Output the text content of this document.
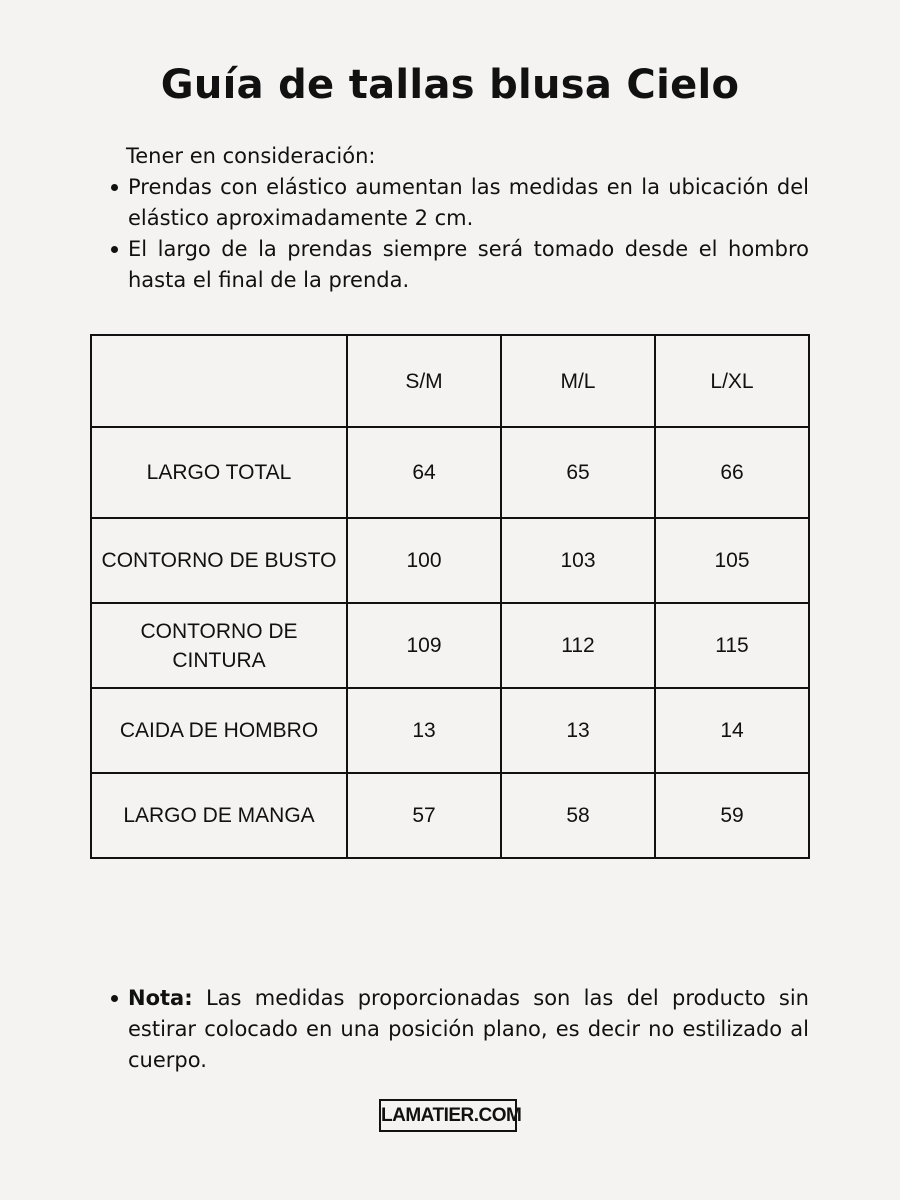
Guía de tallas blusa Cielo
Tener en consideración:
Prendas con elástico aumentan las medidas en la ubicación del elástico aproximadamente 2 cm.
El largo de la prendas siempre será tomado desde el hombro hasta el final de la prenda.
	S/M	M/L	L/XL
LARGO TOTAL	64	65	66
CONTORNO DE BUSTO	100	103	105
CONTORNO DE CINTURA	109	112	115
CAIDA DE HOMBRO	13	13	14
LARGO DE MANGA	57	58	59
Nota: Las medidas proporcionadas son las del producto sin estirar colocado en una posición plano, es decir no estilizado al cuerpo.
LAMATIER.COM
